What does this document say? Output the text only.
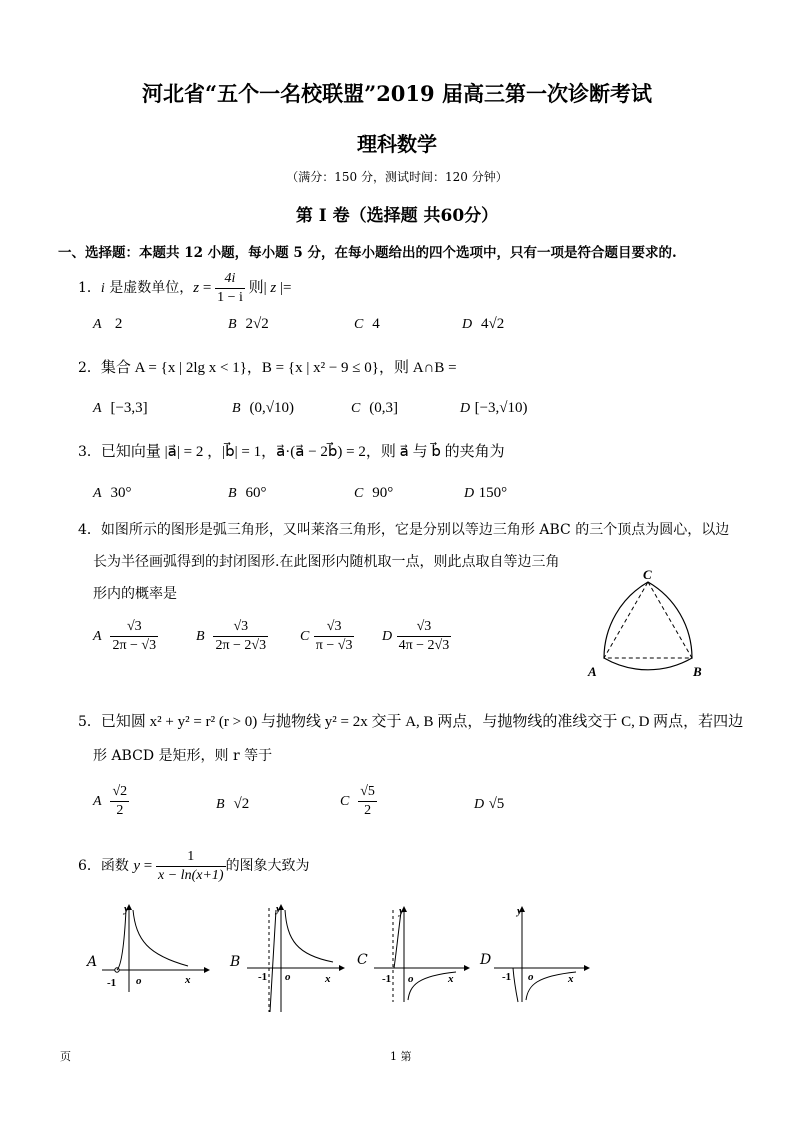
河北省“五个一名校联盟”2019 届高三第一次诊断考试
理科数学
（满分：150 分，测试时间：120 分钟）
第 I 卷（选择题 共60分）
一、选择题：本题共 12 小题，每小题 5 分，在每小题给出的四个选项中，只有一项是符合题目要求的.
1．i 是虚数单位，$z = \frac{4i}{1 - i}$ 则| z |=
A 2	B 2√2	C 4	D 4√2
2．集合 A = {x | 2lg x < 1}，B = {x | x² − 9 ≤ 0}，则 A∩B =
A [−3,3]	B (0,√10)	C (0,3]	D [−3,√10)
3．已知向量 |a⃗| = 2 ，|b⃗| = 1，a⃗·(a⃗ − 2b⃗) = 2，则 a⃗ 与 b⃗ 的夹角为
A 30°	B 60°	C 90°	D 150°
4．如图所示的图形是弧三角形，又叫莱洛三角形，它是分别以等边三角形 ABC 的三个顶点为圆心，以边
长为半径画弧得到的封闭图形.在此图形内随机取一点，则此点取自等边三角
形内的概率是
A $\frac{√3}{2\pi - √3}$	B $\frac{√3}{2\pi - 2√3}$ C $\frac{√3}{\pi - √3}$ D $\frac{√3}{4\pi - 2√3}$
C
A	B
5．已知圆 x² + y² = r² (r > 0) 与抛物线 y² = 2x 交于 A, B 两点，与抛物线的准线交于 C, D 两点，若四边
形 ABCD 是矩形，则 r 等于
A $\frac{√2}{2}$	B √2	C $\frac{√5}{2}$	D √5
6．函数 $y = \frac{1}{x - \ln(x+1)}$ 的图象大致为
A
y
x
o
-1
B
y
x
o
-1
C
y
x
o
-1
D
y
x
o
-1
页	1 第
